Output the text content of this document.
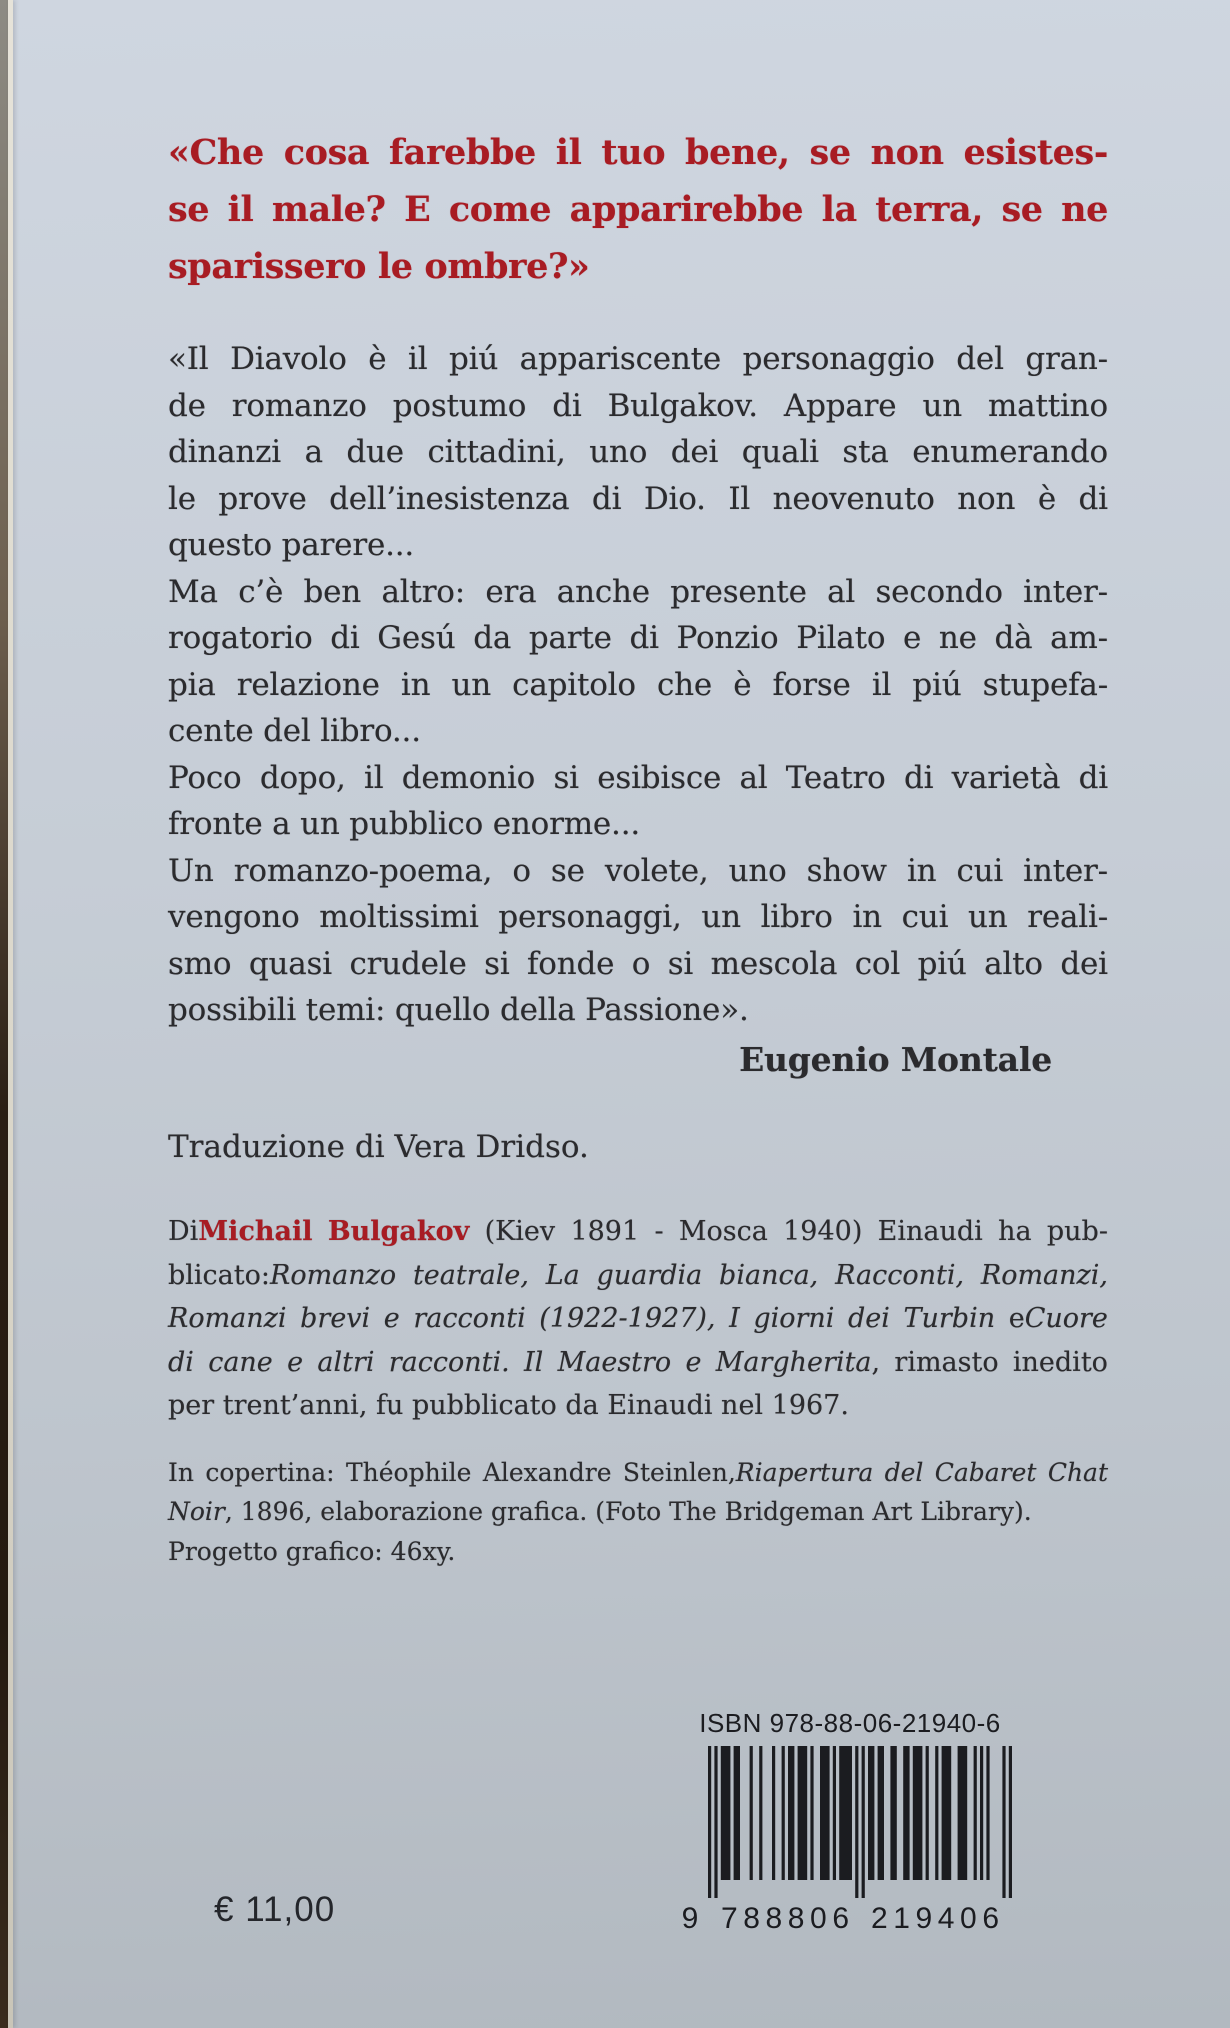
«Che cosa farebbe il tuo bene, se non esistes-
se il male? E come apparirebbe la terra, se ne
sparissero le ombre?»
«Il Diavolo è il piú appariscente personaggio del gran-
de romanzo postumo di Bulgakov. Appare un mattino
dinanzi a due cittadini, uno dei quali sta enumerando
le prove dell’inesistenza di Dio. Il neovenuto non è di
questo parere...
Ma c’è ben altro: era anche presente al secondo inter-
rogatorio di Gesú da parte di Ponzio Pilato e ne dà am-
pia relazione in un capitolo che è forse il piú stupefa-
cente del libro...
Poco dopo, il demonio si esibisce al Teatro di varietà di
fronte a un pubblico enorme...
Un romanzo-poema, o se volete, uno show in cui inter-
vengono moltissimi personaggi, un libro in cui un reali-
smo quasi crudele si fonde o si mescola col piú alto dei
possibili temi: quello della Passione».
Eugenio Montale
Traduzione di Vera Dridso.
DiMichail Bulgakov (Kiev 1891 - Mosca 1940) Einaudi ha pub-
blicato:Romanzo teatrale, La guardia bianca, Racconti, Romanzi,
Romanzi brevi e racconti (1922-1927), I giorni dei Turbin eCuore
di cane e altri racconti. Il Maestro e Margherita, rimasto inedito
per trent’anni, fu pubblicato da Einaudi nel 1967.
In copertina: Théophile Alexandre Steinlen,Riapertura del Cabaret Chat
Noir, 1896, elaborazione grafica. (Foto The Bridgeman Art Library).
Progetto grafico: 46xy.
ISBN 978-88-06-21940-6
9 788806 219406
€ 11,00
